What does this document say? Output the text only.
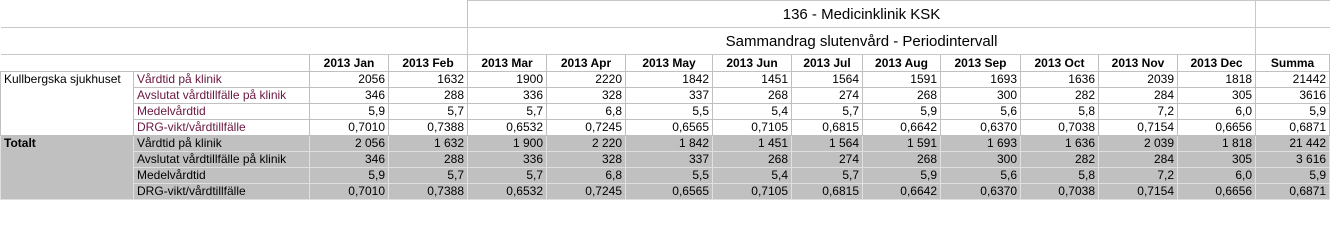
				136 - Medicinklinik KSK										
				Sammandrag slutenvård - Periodintervall										
		2013 Jan	2013 Feb	2013 Mar	2013 Apr	2013 May	2013 Jun	2013 Jul	2013 Aug	2013 Sep	2013 Oct	2013 Nov	2013 Dec	Summa
Kullbergska sjukhuset	Vårdtid på klinik	2056	1632	1900	2220	1842	1451	1564	1591	1693	1636	2039	1818	21442
	Avslutat vårdtillfälle på klinik	346	288	336	328	337	268	274	268	300	282	284	305	3616
	Medelvårdtid	5,9	5,7	5,7	6,8	5,5	5,4	5,7	5,9	5,6	5,8	7,2	6,0	5,9
	DRG-vikt/vårdtillfälle	0,7010	0,7388	0,6532	0,7245	0,6565	0,7105	0,6815	0,6642	0,6370	0,7038	0,7154	0,6656	0,6871
Totalt	Vårdtid på klinik	2 056	1 632	1 900	2 220	1 842	1 451	1 564	1 591	1 693	1 636	2 039	1 818	21 442
	Avslutat vårdtillfälle på klinik	346	288	336	328	337	268	274	268	300	282	284	305	3 616
	Medelvårdtid	5,9	5,7	5,7	6,8	5,5	5,4	5,7	5,9	5,6	5,8	7,2	6,0	5,9
	DRG-vikt/vårdtillfälle	0,7010	0,7388	0,6532	0,7245	0,6565	0,7105	0,6815	0,6642	0,6370	0,7038	0,7154	0,6656	0,6871
